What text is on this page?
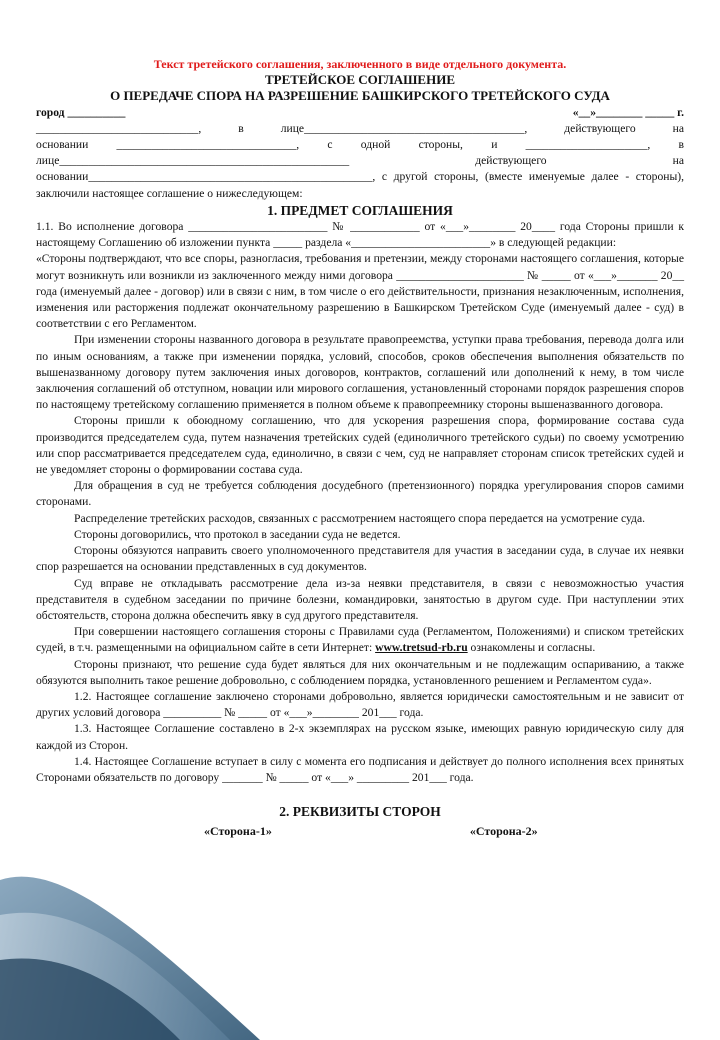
Текст третейского соглашения, заключенного в виде отдельного документа.

ТРЕТЕЙСКОЕ СОГЛАШЕНИЕ

О ПЕРЕДАЧЕ СПОРА НА РАЗРЕШЕНИЕ БАШКИРСКОГО ТРЕТЕЙСКОГО СУДА

город __________	«__»________ _____ г.

____________________________, в лице______________________________________, действующего на

основании _______________________________, с одной стороны, и _____________________, в

лице__________________________________________________ действующего на

основании_________________________________________________, с другой стороны, (вместе именуемые далее - стороны), заключили настоящее соглашение о нижеследующем:

1. ПРЕДМЕТ СОГЛАШЕНИЯ

1.1. Во исполнение договора ________________________ № ____________ от «___»________ 20____ года Стороны пришли к настоящему Соглашению об изложении пункта _____ раздела «________________________» в следующей редакции:

«Стороны подтверждают, что все споры, разногласия, требования и претензии, между сторонами настоящего соглашения, которые могут возникнуть или возникли из заключенного между ними договора ______________________ № _____ от «___»_______ 20__ года (именуемый далее - договор) или в связи с ним, в том числе о его действительности, признания незаключенным, исполнения, изменения или расторжения подлежат окончательному разрешению в Башкирском Третейском Суде (именуемый далее - суд) в соответствии с его Регламентом.

При изменении стороны названного договора в результате правопреемства, уступки права требования, перевода долга или по иным основаниям, а также при изменении порядка, условий, способов, сроков обеспечения выполнения обязательств по вышеназванному договору путем заключения иных договоров, контрактов, соглашений или дополнений к нему, в том числе заключения соглашений об отступном, новации или мирового соглашения, установленный сторонами порядок разрешения споров по настоящему третейскому соглашению применяется в полном объеме к правопреемнику стороны вышеназванного договора.

Стороны пришли к обоюдному соглашению, что для ускорения разрешения спора, формирование состава суда производится председателем суда, путем назначения третейских судей (единоличного третейского судьи) по своему усмотрению или спор рассматривается председателем суда, единолично, в связи с чем, суд не направляет сторонам список третейских судей и не уведомляет стороны о формировании состава суда.

Для обращения в суд не требуется соблюдения досудебного (претензионного) порядка урегулирования споров самими сторонами.

Распределение третейских расходов, связанных с рассмотрением настоящего спора передается на усмотрение суда.

Стороны договорились, что протокол в заседании суда не ведется.

Стороны обязуются направить своего уполномоченного представителя для участия в заседании суда, в случае их неявки спор разрешается на основании представленных в суд документов.

Суд вправе не откладывать рассмотрение дела из-за неявки представителя, в связи с невозможностью участия представителя в судебном заседании по причине болезни, командировки, занятостью в другом суде. При наступлении этих обстоятельств, сторона должна обеспечить явку в суд другого представителя.

При совершении настоящего соглашения стороны с Правилами суда (Регламентом, Положениями) и списком третейских судей, в т.ч. размещенными на официальном сайте в сети Интернет: www.tretsud-rb.ru ознакомлены и согласны.

Стороны признают, что решение суда будет являться для них окончательным и не подлежащим оспариванию, а также обязуются выполнить такое решение добровольно, с соблюдением порядка, установленного решением и Регламентом суда».

1.2. Настоящее соглашение заключено сторонами добровольно, является юридически самостоятельным и не зависит от других условий договора __________ № _____ от «___»________ 201___ года.

1.3. Настоящее Соглашение составлено в 2-х экземплярах на русском языке, имеющих равную юридическую силу для каждой из Сторон.

1.4. Настоящее Соглашение вступает в силу с момента его подписания и действует до полного исполнения всех принятых Сторонами обязательств по договору _______ № _____ от «___» _________ 201___ года.

2. РЕКВИЗИТЫ СТОРОН

«Сторона-1»	«Сторона-2»
